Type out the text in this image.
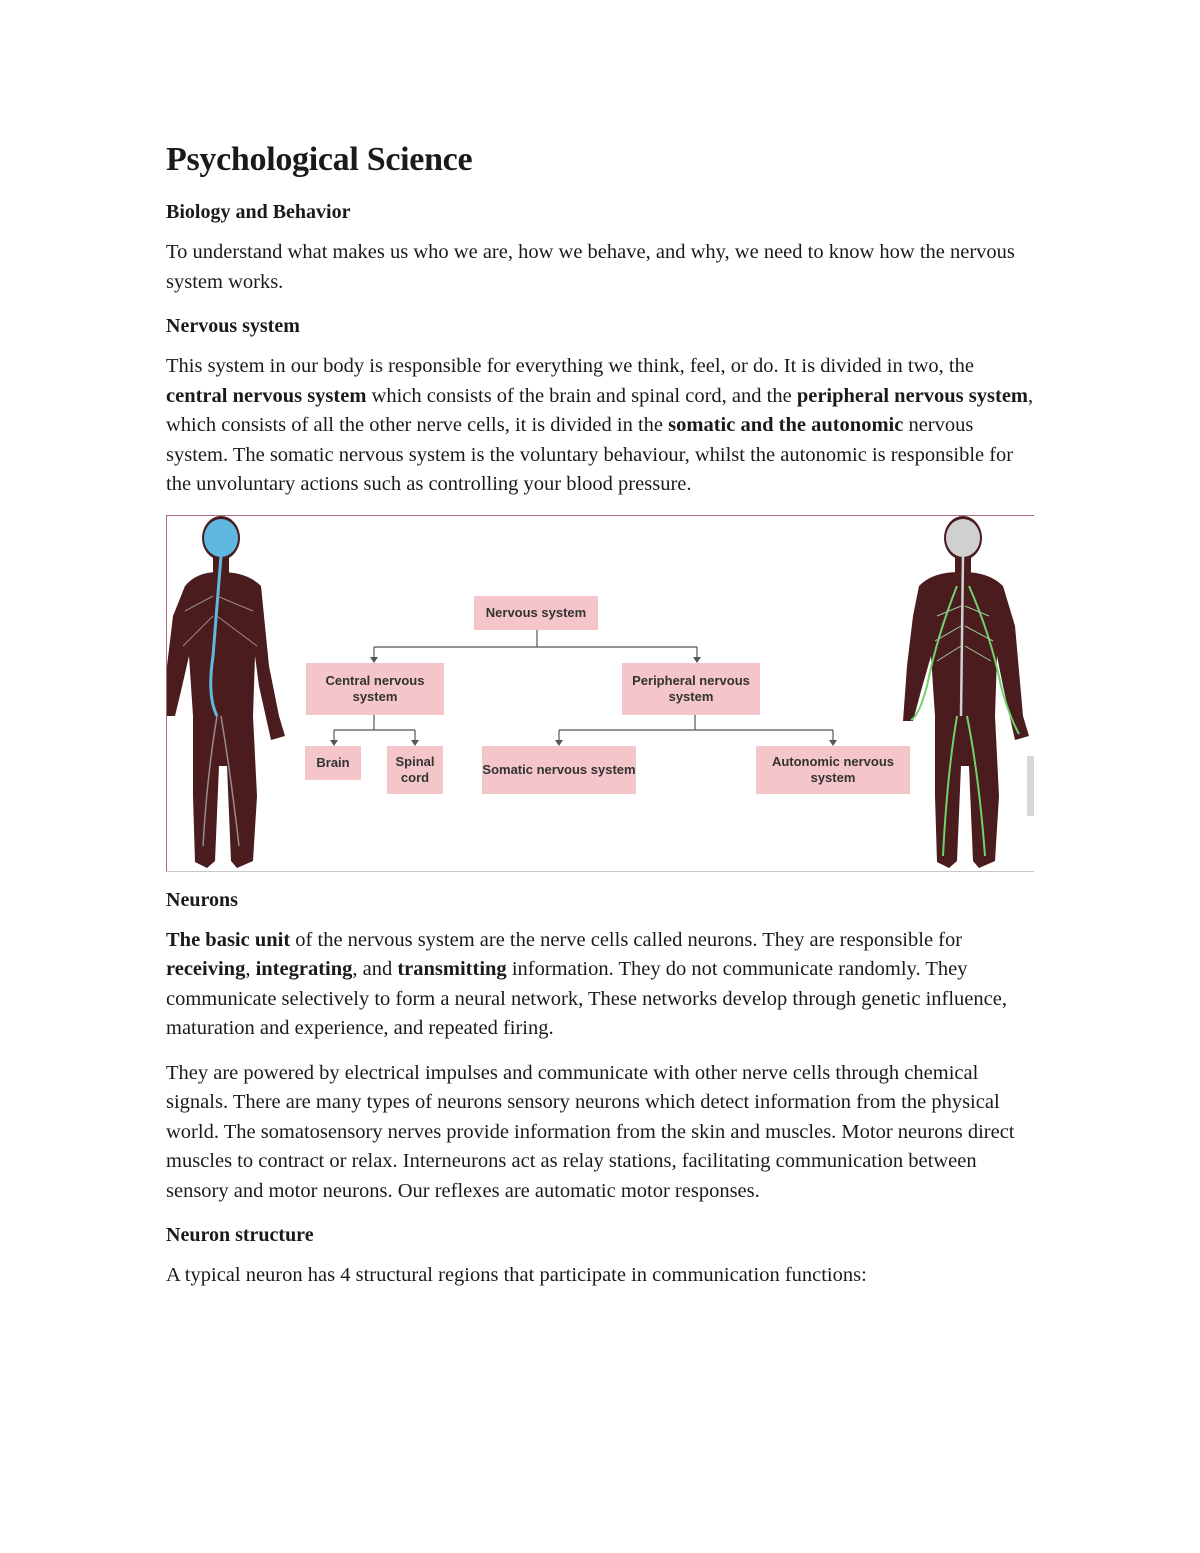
Psychological Science
Biology and Behavior

To understand what makes us who we are, how we behave, and why, we need to know how the nervous system works.

Nervous system

This system in our body is responsible for everything we think, feel, or do. It is divided in two, the central nervous system which consists of the brain and spinal cord, and the peripheral nervous system, which consists of all the other nerve cells, it is divided in the somatic and the autonomic nervous system. The somatic nervous system is the voluntary behaviour, whilst the autonomic is responsible for the unvoluntary actions such as controlling your blood pressure.

Nervous system
Central nervous system
Peripheral nervous system
Brain	Spinal cord
Somatic nervous system
Autonomic nervous system
Neurons

The basic unit of the nervous system are the nerve cells called neurons. They are responsible for receiving, integrating, and transmitting information. They do not communicate randomly. They communicate selectively to form a neural network, These networks develop through genetic influence, maturation and experience, and repeated firing.

They are powered by electrical impulses and communicate with other nerve cells through chemical signals. There are many types of neurons sensory neurons which detect information from the physical world. The somatosensory nerves provide information from the skin and muscles. Motor neurons direct muscles to contract or relax. Interneurons act as relay stations, facilitating communication between sensory and motor neurons. Our reflexes are automatic motor responses.

Neuron structure

A typical neuron has 4 structural regions that participate in communication functions:
